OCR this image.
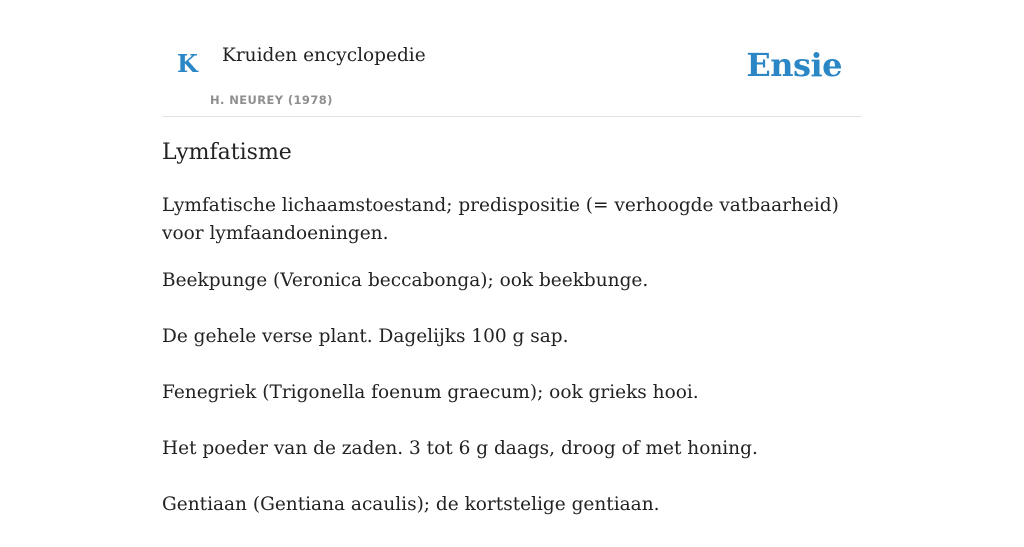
K Kruiden encyclopedie
H. NEUREY (1978)
Ensie
Lymfatisme

Lymfatische lichaamstoestand; predispositie (= verhoogde vatbaarheid) voor lymfaandoeningen.

Beekpunge (Veronica beccabonga); ook beekbunge.

De gehele verse plant. Dagelijks 100 g sap.

Fenegriek (Trigonella foenum graecum); ook grieks hooi.

Het poeder van de zaden. 3 tot 6 g daags, droog of met honing.

Gentiaan (Gentiana acaulis); de kortstelige gentiaan.
